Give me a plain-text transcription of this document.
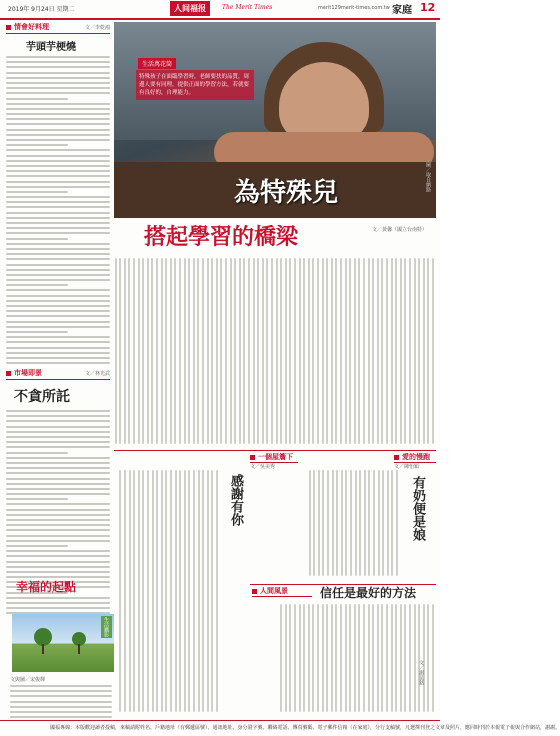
2019年 9月24日 星期二	人间福报	The Merit Times	merit129merit-times.com.tw 家庭 12
情會好料理	文／李乾鴻
芋頭芋梗燒
市場即景	文／林光武
不貪所託
幸福的起點
生活攝影
文與圖／宋俊輝
生活萬花筒
特殊孩子在面臨學習時，老師要扶的品質，周邊人要有同理，提供正面的學習方法，若就要有良好的，自理能力。
圖／取自網路
為特殊兒
搭起學習的橋梁	文／黃馨（國立台南特）
一個屋簷下
文／吳美秀
感謝有你
愛的慢跑
文／陳怡穎
有奶便是娘
人間風景	信任是最好的方法
文／謝昆銘
國福專線：本版歡迎讀者投稿，來稿請附姓名、戶籍地址（有郵遞區號）、通訊地址、身分證字號、聯絡電話、傳真號碼、電子郵件信箱（在家庭），分行支稿號，凡選擇刊登之文章及照片，應同時刊於本報電子報與合作網站，謝謝。
